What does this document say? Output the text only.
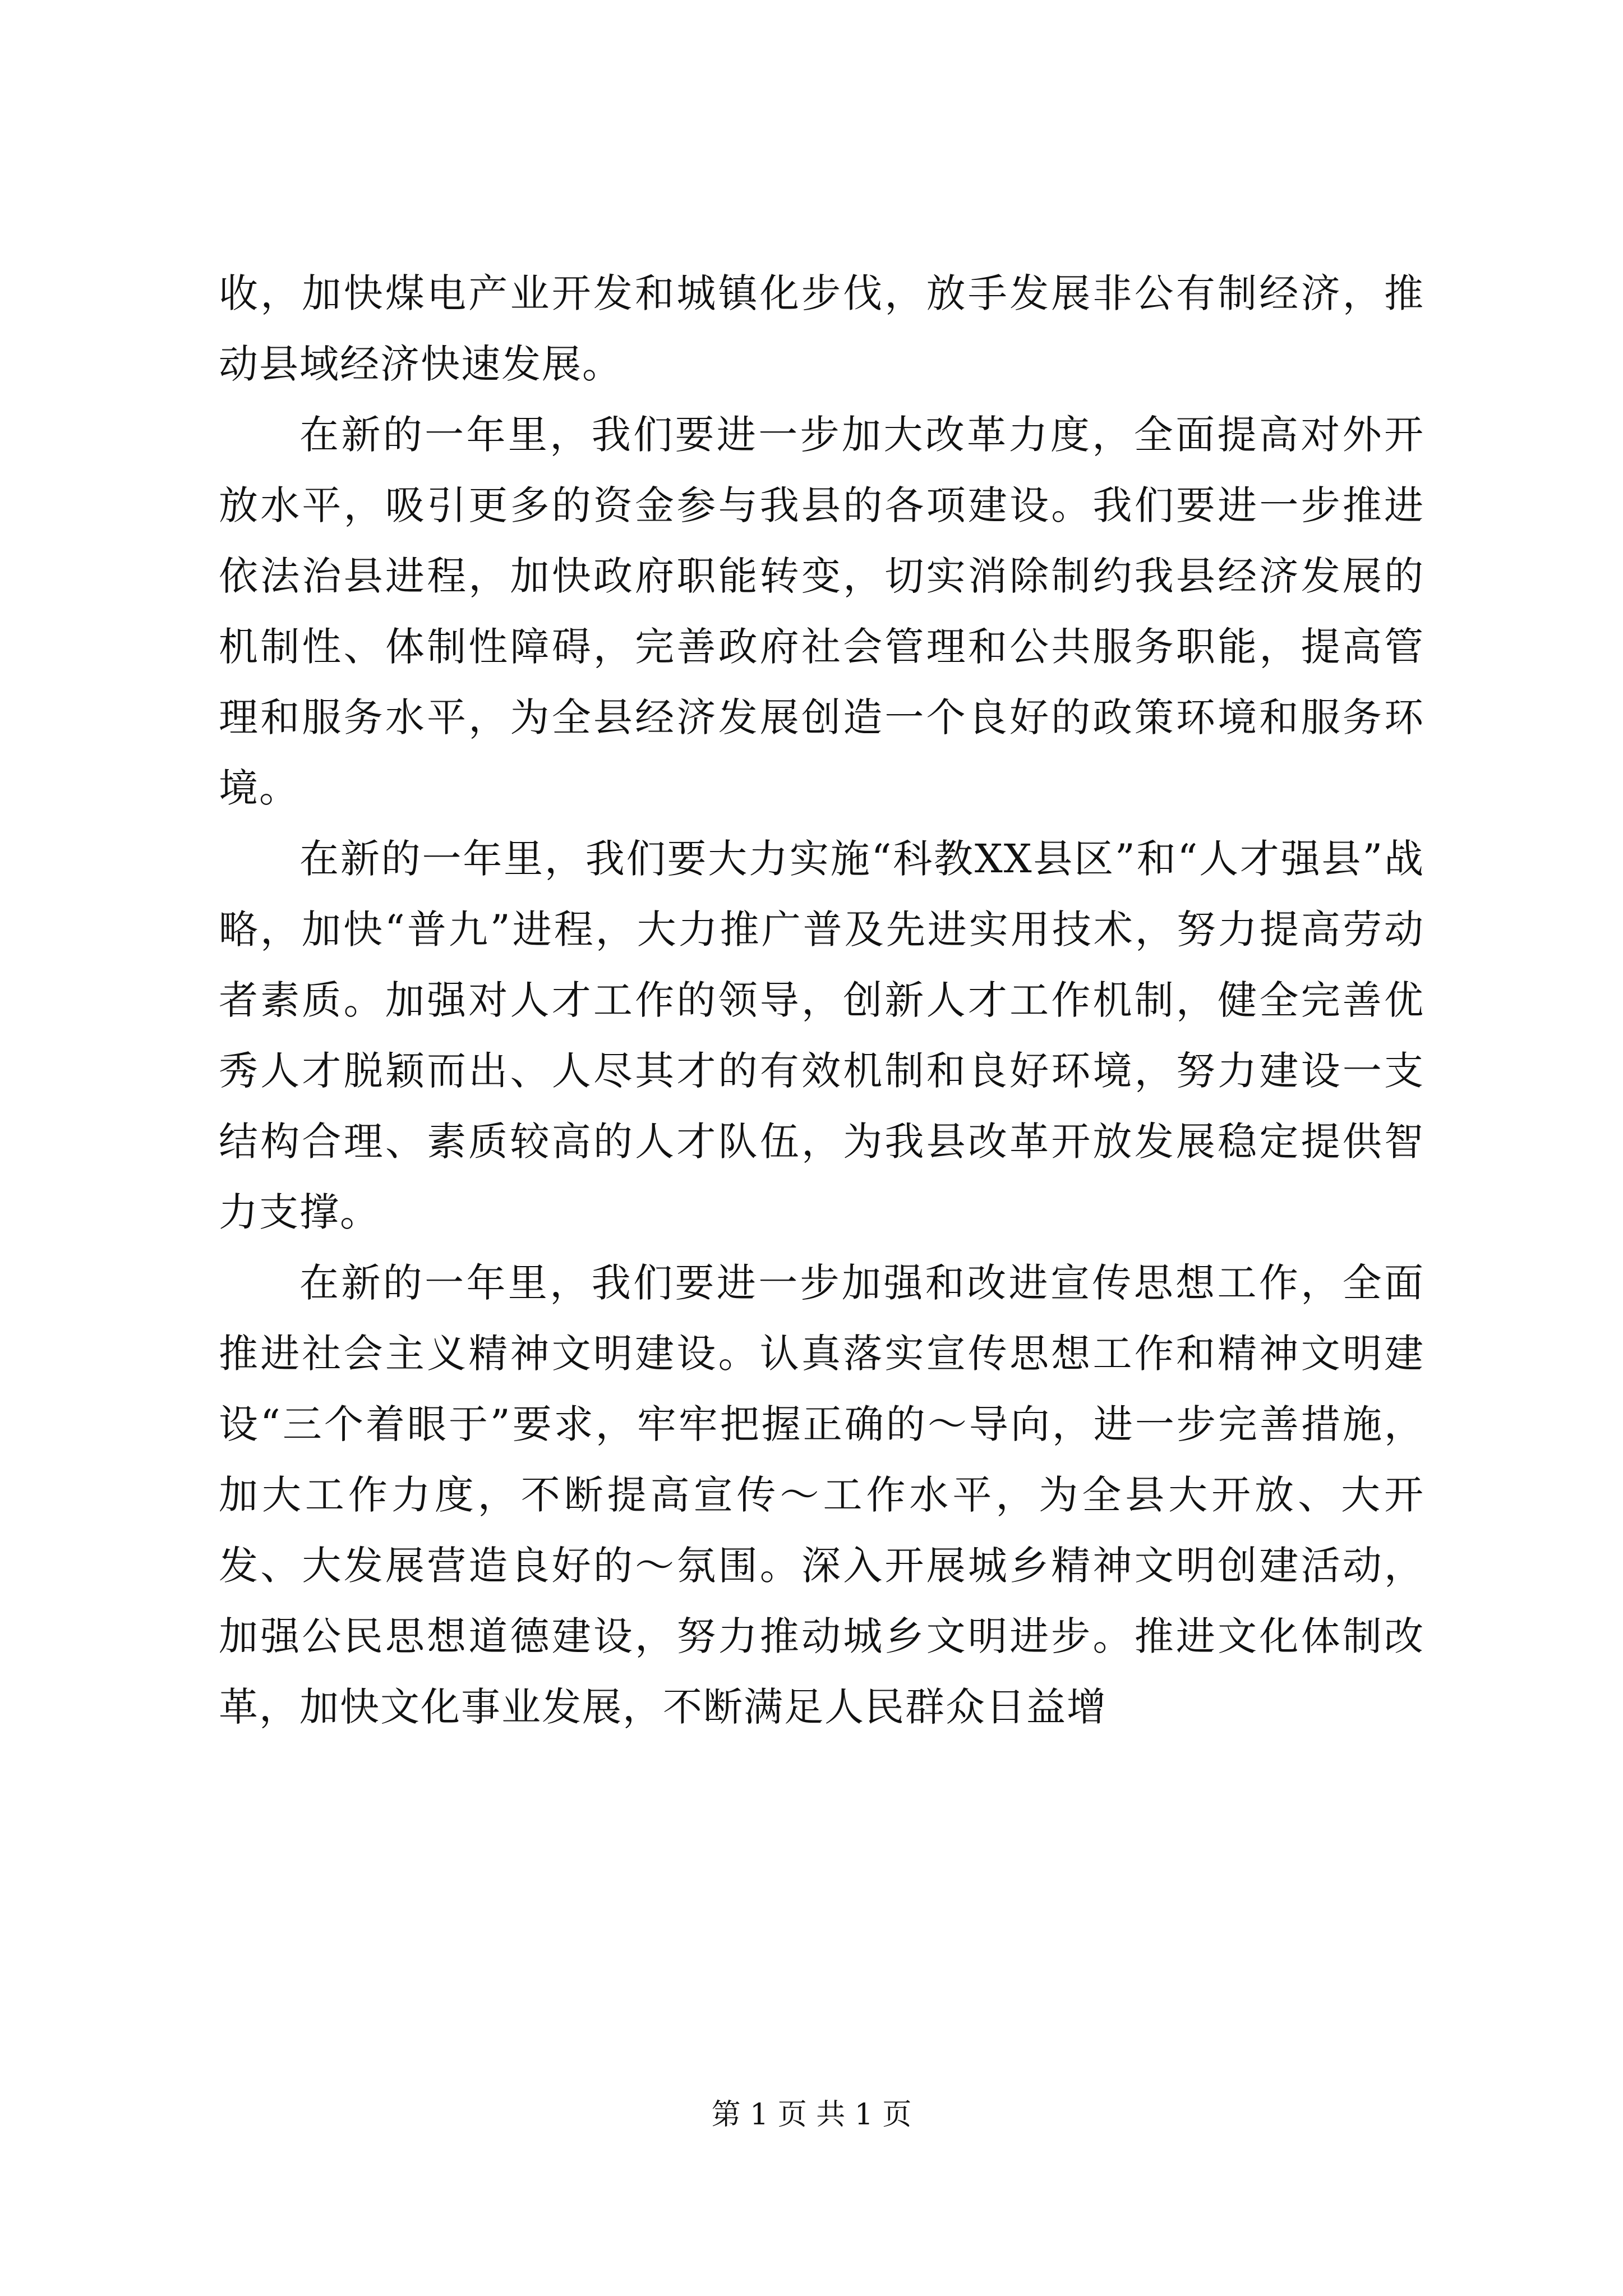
收，加快煤电产业开发和城镇化步伐，放手发展非公有制经济，推动县域经济快速发展。

在新的一年里，我们要进一步加大改革力度，全面提高对外开放水平，吸引更多的资金参与我县的各项建设。我们要进一步推进依法治县进程，加快政府职能转变，切实消除制约我县经济发展的机制性、体制性障碍，完善政府社会管理和公共服务职能，提高管理和服务水平，为全县经济发展创造一个良好的政策环境和服务环境。

在新的一年里，我们要大力实施“科教XX县区”和“人才强县”战略，加快“普九”进程，大力推广普及先进实用技术，努力提高劳动者素质。加强对人才工作的领导，创新人才工作机制，健全完善优秀人才脱颖而出、人尽其才的有效机制和良好环境，努力建设一支结构合理、素质较高的人才队伍，为我县改革开放发展稳定提供智力支撑。

在新的一年里，我们要进一步加强和改进宣传思想工作，全面推进社会主义精神文明建设。认真落实宣传思想工作和精神文明建设“三个着眼于”要求，牢牢把握正确的～导向，进一步完善措施，加大工作力度，不断提高宣传～工作水平，为全县大开放、大开发、大发展营造良好的～氛围。深入开展城乡精神文明创建活动，加强公民思想道德建设，努力推动城乡文明进步。推进文化体制改革，加快文化事业发展，不断满足人民群众日益增

第 1 页 共 1 页
